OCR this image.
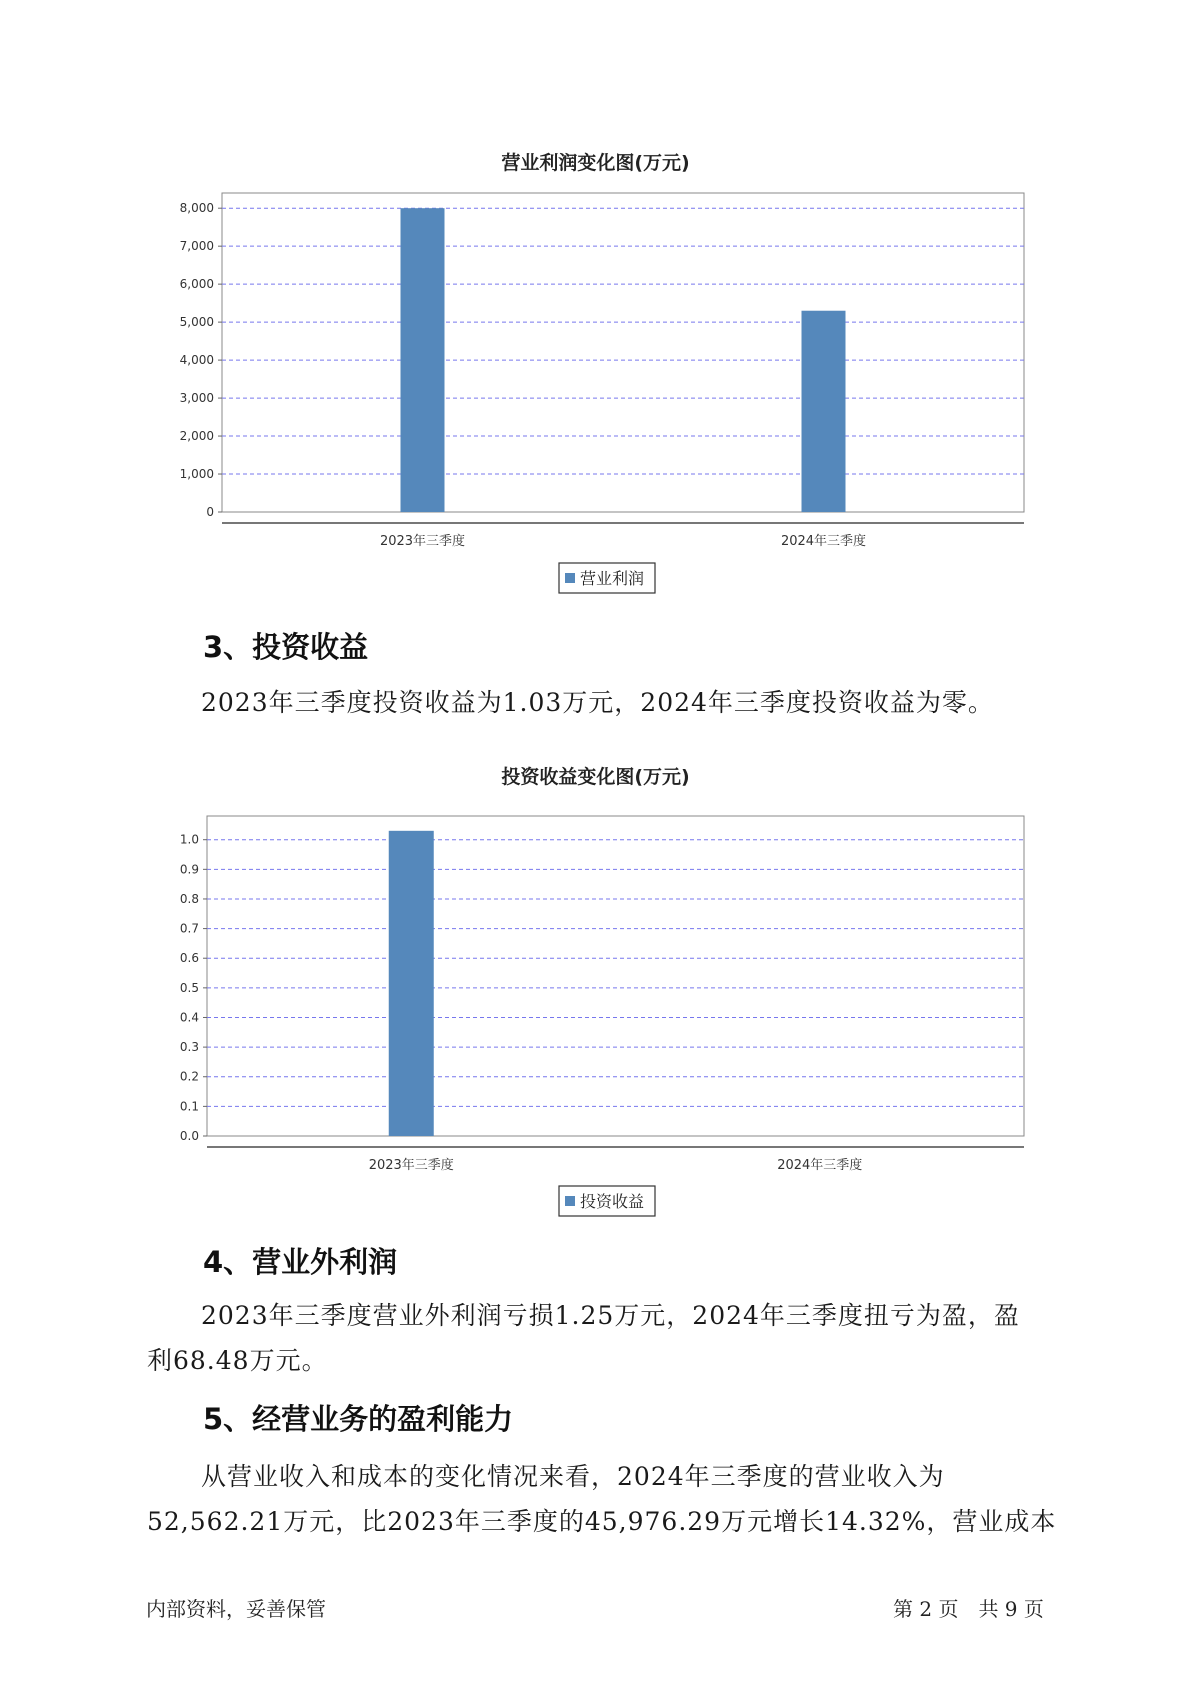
营业利润变化图(万元)
0
1,000
2,000
3,000
4,000
5,000
6,000
7,000
8,000
2023年三季度	2024年三季度
营业利润
3、投资收益
2023年三季度投资收益为1.03万元，2024年三季度投资收益为零。
投资收益变化图(万元)
0.0
0.1
0.2
0.3
0.4
0.5
0.6
0.7
0.8
0.9
1.0
2023年三季度	2024年三季度
投资收益
4、营业外利润
2023年三季度营业外利润亏损1.25万元，2024年三季度扭亏为盈，盈
利68.48万元。
5、经营业务的盈利能力
从营业收入和成本的变化情况来看，2024年三季度的营业收入为
52,562.21万元，比2023年三季度的45,976.29万元增长14.32%，营业成本
内部资料，妥善保管	第 2 页　共 9 页
